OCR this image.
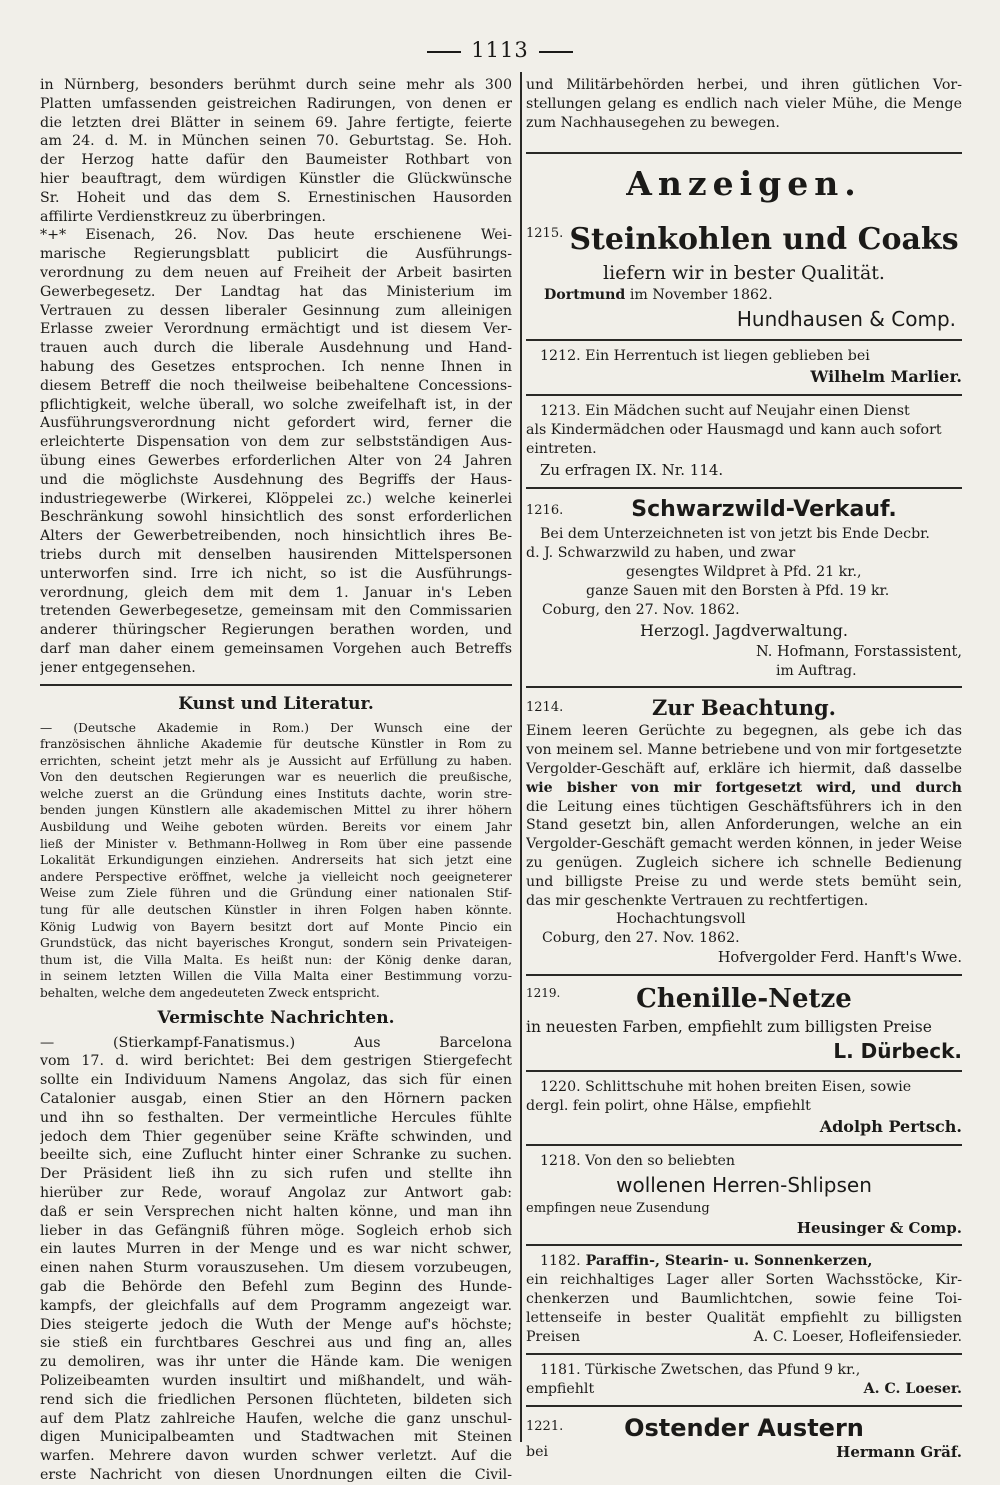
1113
in Nürnberg, besonders berühmt durch seine mehr als 300
Platten umfassenden geistreichen Radirungen, von denen er
die letzten drei Blätter in seinem 69. Jahre fertigte, feierte
am 24. d. M. in München seinen 70. Geburtstag. Se. Hoh.
der Herzog hatte dafür den Baumeister Rothbart von
hier beauftragt, dem würdigen Künstler die Glückwünsche
Sr. Hoheit und das dem S. Ernestinischen Hausorden
affilirte Verdienstkreuz zu überbringen.
*+* Eisenach, 26. Nov. Das heute erschienene Wei-
marische Regierungsblatt publicirt die Ausführungs-
verordnung zu dem neuen auf Freiheit der Arbeit basirten
Gewerbegesetz. Der Landtag hat das Ministerium im
Vertrauen zu dessen liberaler Gesinnung zum alleinigen
Erlasse zweier Verordnung ermächtigt und ist diesem Ver-
trauen auch durch die liberale Ausdehnung und Hand-
habung des Gesetzes entsprochen. Ich nenne Ihnen in
diesem Betreff die noch theilweise beibehaltene Concessions-
pflichtigkeit, welche überall, wo solche zweifelhaft ist, in der
Ausführungsverordnung nicht gefordert wird, ferner die
erleichterte Dispensation von dem zur selbstständigen Aus-
übung eines Gewerbes erforderlichen Alter von 24 Jahren
und die möglichste Ausdehnung des Begriffs der Haus-
industriegewerbe (Wirkerei, Klöppelei zc.) welche keinerlei
Beschränkung sowohl hinsichtlich des sonst erforderlichen
Alters der Gewerbetreibenden, noch hinsichtlich ihres Be-
triebs durch mit denselben hausirenden Mittelspersonen
unterworfen sind. Irre ich nicht, so ist die Ausführungs-
verordnung, gleich dem mit dem 1. Januar in's Leben
tretenden Gewerbegesetze, gemeinsam mit den Commissarien
anderer thüringscher Regierungen berathen worden, und
darf man daher einem gemeinsamen Vorgehen auch Betreffs
jener entgegensehen.
Kunst und Literatur.
— (Deutsche Akademie in Rom.) Der Wunsch eine der
französischen ähnliche Akademie für deutsche Künstler in Rom zu
errichten, scheint jetzt mehr als je Aussicht auf Erfüllung zu haben.
Von den deutschen Regierungen war es neuerlich die preußische,
welche zuerst an die Gründung eines Instituts dachte, worin stre-
benden jungen Künstlern alle akademischen Mittel zu ihrer höhern
Ausbildung und Weihe geboten würden. Bereits vor einem Jahr
ließ der Minister v. Bethmann-Hollweg in Rom über eine passende
Lokalität Erkundigungen einziehen. Andrerseits hat sich jetzt eine
andere Perspective eröffnet, welche ja vielleicht noch geeigneterer
Weise zum Ziele führen und die Gründung einer nationalen Stif-
tung für alle deutschen Künstler in ihren Folgen haben könnte.
König Ludwig von Bayern besitzt dort auf Monte Pincio ein
Grundstück, das nicht bayerisches Krongut, sondern sein Privateigen-
thum ist, die Villa Malta. Es heißt nun: der König denke daran,
in seinem letzten Willen die Villa Malta einer Bestimmung vorzu-
behalten, welche dem angedeuteten Zweck entspricht.
Vermischte Nachrichten.
— (Stierkampf-Fanatismus.) Aus Barcelona
vom 17. d. wird berichtet: Bei dem gestrigen Stiergefecht
sollte ein Individuum Namens Angolaz, das sich für einen
Catalonier ausgab, einen Stier an den Hörnern packen
und ihn so festhalten. Der vermeintliche Hercules fühlte
jedoch dem Thier gegenüber seine Kräfte schwinden, und
beeilte sich, eine Zuflucht hinter einer Schranke zu suchen.
Der Präsident ließ ihn zu sich rufen und stellte ihn
hierüber zur Rede, worauf Angolaz zur Antwort gab:
daß er sein Versprechen nicht halten könne, und man ihn
lieber in das Gefängniß führen möge. Sogleich erhob sich
ein lautes Murren in der Menge und es war nicht schwer,
einen nahen Sturm vorauszusehen. Um diesem vorzubeugen,
gab die Behörde den Befehl zum Beginn des Hunde-
kampfs, der gleichfalls auf dem Programm angezeigt war.
Dies steigerte jedoch die Wuth der Menge auf's höchste;
sie stieß ein furchtbares Geschrei aus und fing an, alles
zu demoliren, was ihr unter die Hände kam. Die wenigen
Polizeibeamten wurden insultirt und mißhandelt, und wäh-
rend sich die friedlichen Personen flüchteten, bildeten sich
auf dem Platz zahlreiche Haufen, welche die ganz unschul-
digen Municipalbeamten und Stadtwachen mit Steinen
warfen. Mehrere davon wurden schwer verletzt. Auf die
erste Nachricht von diesen Unordnungen eilten die Civil-
und Militärbehörden herbei, und ihren gütlichen Vor-
stellungen gelang es endlich nach vieler Mühe, die Menge
zum Nachhausegehen zu bewegen.
Anzeigen.
1215. Steinkohlen und Coaks
liefern wir in bester Qualität.
Dortmund im November 1862.
Hundhausen & Comp.
1212. Ein Herrentuch ist liegen geblieben bei
Wilhelm Marlier.
1213. Ein Mädchen sucht auf Neujahr einen Dienst
als Kindermädchen oder Hausmagd und kann auch sofort
eintreten.
Zu erfragen IX. Nr. 114.
1216.	Schwarzwild-Verkauf.
Bei dem Unterzeichneten ist von jetzt bis Ende Decbr.
d. J. Schwarzwild zu haben, und zwar
gesengtes Wildpret à Pfd. 21 kr.,
ganze Sauen mit den Borsten à Pfd. 19 kr.
Coburg, den 27. Nov. 1862.
Herzogl. Jagdverwaltung.
N. Hofmann, Forstassistent,
im Auftrag.
1214.	Zur Beachtung.
Einem leeren Gerüchte zu begegnen, als gebe ich das
von meinem sel. Manne betriebene und von mir fortgesetzte
Vergolder-Geschäft auf, erkläre ich hiermit, daß dasselbe
wie bisher von mir fortgesetzt wird, und durch
die Leitung eines tüchtigen Geschäftsführers ich in den
Stand gesetzt bin, allen Anforderungen, welche an ein
Vergolder-Geschäft gemacht werden können, in jeder Weise
zu genügen. Zugleich sichere ich schnelle Bedienung
und billigste Preise zu und werde stets bemüht sein,
das mir geschenkte Vertrauen zu rechtfertigen.
Hochachtungsvoll
Coburg, den 27. Nov. 1862.
Hofvergolder Ferd. Hanft's Wwe.
1219.	Chenille-Netze
in neuesten Farben, empfiehlt zum billigsten Preise
L. Dürbeck.
1220. Schlittschuhe mit hohen breiten Eisen, sowie
dergl. fein polirt, ohne Hälse, empfiehlt
Adolph Pertsch.
1218. Von den so beliebten
wollenen Herren-Shlipsen
empfingen neue Zusendung
Heusinger & Comp.
1182. Paraffin-, Stearin- u. Sonnenkerzen,
ein reichhaltiges Lager aller Sorten Wachsstöcke, Kir-
chenkerzen und Baumlichtchen, sowie feine Toi-
lettenseife in bester Qualität empfiehlt zu billigsten
Preisen	A. C. Loeser, Hofleifensieder.
1181. Türkische Zwetschen, das Pfund 9 kr.,
empfiehlt	A. C. Loeser.
1221.	Ostender Austern
bei	Hermann Gräf.
